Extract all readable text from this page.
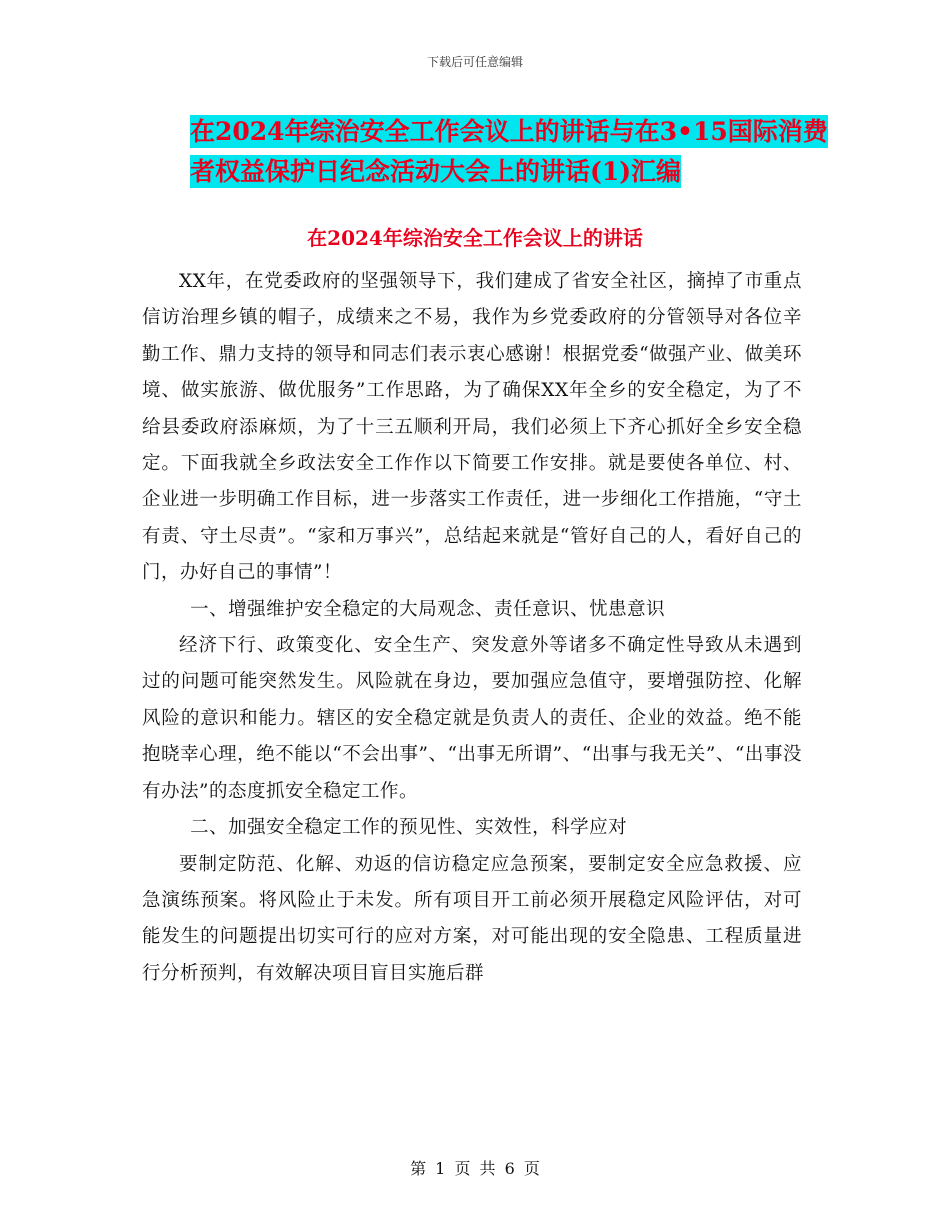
下载后可任意编辑
在2024年综治安全工作会议上的讲话与在3•15国际消费者权益保护日纪念活动大会上的讲话(1)汇编
在2024年综治安全工作会议上的讲话

XX年，在党委政府的坚强领导下，我们建成了省安全社区，摘掉了市重点信访治理乡镇的帽子，成绩来之不易，我作为乡党委政府的分管领导对各位辛勤工作、鼎力支持的领导和同志们表示衷心感谢！根据党委“做强产业、做美环境、做实旅游、做优服务”工作思路，为了确保XX年全乡的安全稳定，为了不给县委政府添麻烦，为了十三五顺利开局，我们必须上下齐心抓好全乡安全稳定。下面我就全乡政法安全工作作以下简要工作安排。就是要使各单位、村、企业进一步明确工作目标，进一步落实工作责任，进一步细化工作措施，“守土有责、守土尽责”。“家和万事兴”，总结起来就是“管好自己的人，看好自己的门，办好自己的事情”！

一、增强维护安全稳定的大局观念、责任意识、忧患意识

经济下行、政策变化、安全生产、突发意外等诸多不确定性导致从未遇到过的问题可能突然发生。风险就在身边，要加强应急值守，要增强防控、化解风险的意识和能力。辖区的安全稳定就是负责人的责任、企业的效益。绝不能抱晓幸心理，绝不能以“不会出事”、“出事无所谓”、“出事与我无关”、“出事没有办法”的态度抓安全稳定工作。

二、加强安全稳定工作的预见性、实效性，科学应对

要制定防范、化解、劝返的信访稳定应急预案，要制定安全应急救援、应急演练预案。将风险止于未发。所有项目开工前必须开展稳定风险评估，对可能发生的问题提出切实可行的应对方案，对可能出现的安全隐患、工程质量进行分析预判，有效解决项目盲目实施后群

第 1 页 共 6 页
